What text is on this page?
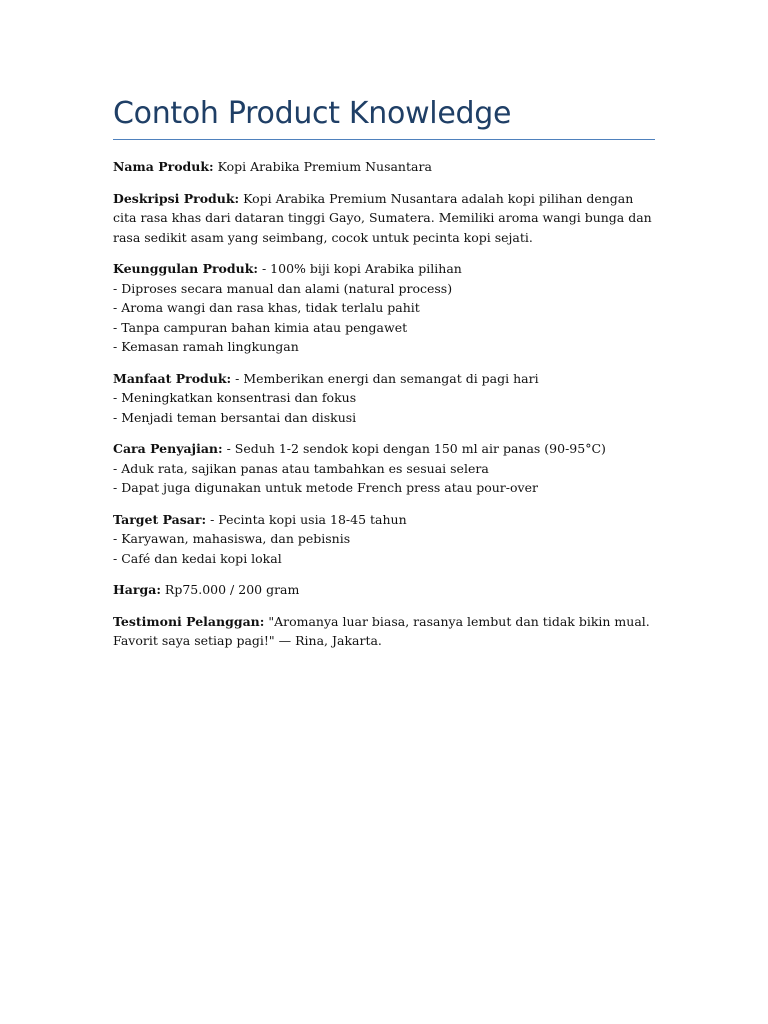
Contoh Product Knowledge

Nama Produk: Kopi Arabika Premium Nusantara

Deskripsi Produk: Kopi Arabika Premium Nusantara adalah kopi pilihan dengan cita rasa khas dari dataran tinggi Gayo, Sumatera. Memiliki aroma wangi bunga dan rasa sedikit asam yang seimbang, cocok untuk pecinta kopi sejati.

Keunggulan Produk: - 100% biji kopi Arabika pilihan
- Diproses secara manual dan alami (natural process)
- Aroma wangi dan rasa khas, tidak terlalu pahit
- Tanpa campuran bahan kimia atau pengawet
- Kemasan ramah lingkungan

Manfaat Produk: - Memberikan energi dan semangat di pagi hari
- Meningkatkan konsentrasi dan fokus
- Menjadi teman bersantai dan diskusi

Cara Penyajian: - Seduh 1-2 sendok kopi dengan 150 ml air panas (90-95°C)
- Aduk rata, sajikan panas atau tambahkan es sesuai selera
- Dapat juga digunakan untuk metode French press atau pour-over

Target Pasar: - Pecinta kopi usia 18-45 tahun
- Karyawan, mahasiswa, dan pebisnis
- Café dan kedai kopi lokal

Harga: Rp75.000 / 200 gram

Testimoni Pelanggan: "Aromanya luar biasa, rasanya lembut dan tidak bikin mual. Favorit saya setiap pagi!" — Rina, Jakarta.
